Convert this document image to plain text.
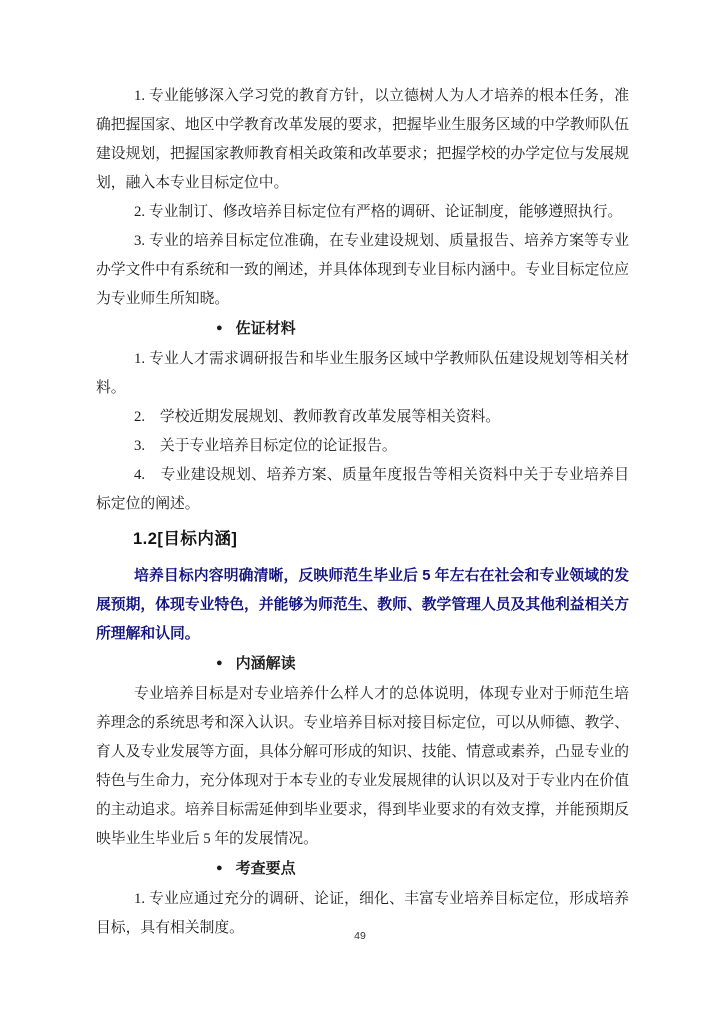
1. 专业能够深入学习党的教育方针，以立德树人为人才培养的根本任务，准确把握国家、地区中学教育改革发展的要求，把握毕业生服务区域的中学教师队伍建设规划，把握国家教师教育相关政策和改革要求；把握学校的办学定位与发展规划，融入本专业目标定位中。

2. 专业制订、修改培养目标定位有严格的调研、论证制度，能够遵照执行。

3. 专业的培养目标定位准确，在专业建设规划、质量报告、培养方案等专业办学文件中有系统和一致的阐述，并具体体现到专业目标内涵中。专业目标定位应为专业师生所知晓。

● 佐证材料

1. 专业人才需求调研报告和毕业生服务区域中学教师队伍建设规划等相关材料。

2.　学校近期发展规划、教师教育改革发展等相关资料。

3.　关于专业培养目标定位的论证报告。

4.　专业建设规划、培养方案、质量年度报告等相关资料中关于专业培养目标定位的阐述。

1.2[目标内涵]

培养目标内容明确清晰，反映师范生毕业后 5 年左右在社会和专业领域的发展预期，体现专业特色，并能够为师范生、教师、教学管理人员及其他利益相关方所理解和认同。

● 内涵解读

专业培养目标是对专业培养什么样人才的总体说明，体现专业对于师范生培养理念的系统思考和深入认识。专业培养目标对接目标定位，可以从师德、教学、育人及专业发展等方面，具体分解可形成的知识、技能、情意或素养，凸显专业的特色与生命力，充分体现对于本专业的专业发展规律的认识以及对于专业内在价值的主动追求。培养目标需延伸到毕业要求，得到毕业要求的有效支撑，并能预期反映毕业生毕业后 5 年的发展情况。

● 考查要点

1. 专业应通过充分的调研、论证，细化、丰富专业培养目标定位，形成培养目标，具有相关制度。	49
